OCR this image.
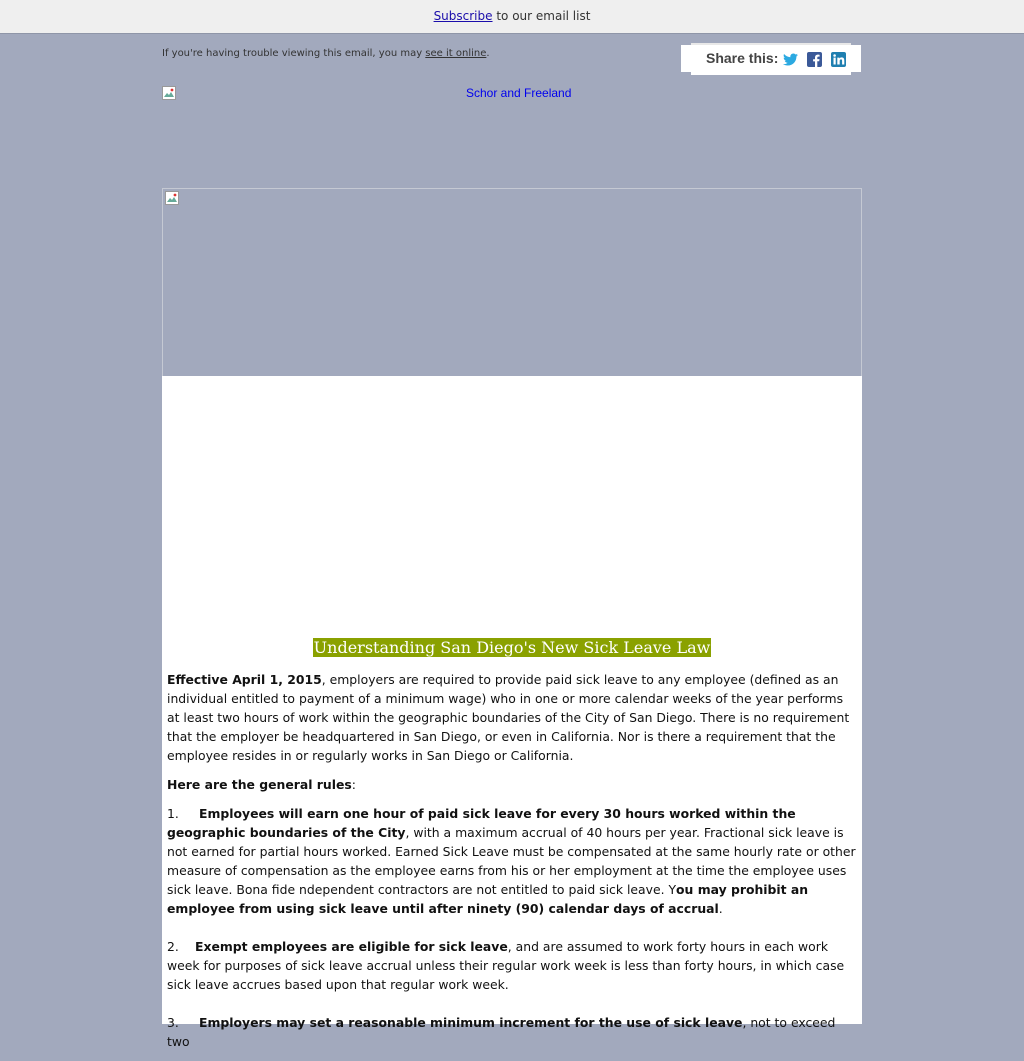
Subscribe to our email list
If you're having trouble viewing this email, you may see it online.	Share this:
Schor and Freeland
Understanding San Diego's New Sick Leave Law

Effective April 1, 2015, employers are required to provide paid sick leave to any employee (defined as an individual entitled to payment of a minimum wage) who in one or more calendar weeks of the year performs at least two hours of work within the geographic boundaries of the City of San Diego. There is no requirement that the employer be headquartered in San Diego, or even in California. Nor is there a requirement that the employee resides in or regularly works in San Diego or California.

Here are the general rules:

1. Employees will earn one hour of paid sick leave for every 30 hours worked within the geographic boundaries of the City, with a maximum accrual of 40 hours per year. Fractional sick leave is not earned for partial hours worked. Earned Sick Leave must be compensated at the same hourly rate or other measure of compensation as the employee earns from his or her employment at the time the employee uses sick leave. Bona fide ndependent contractors are not entitled to paid sick leave. You may prohibit an employee from using sick leave until after ninety (90) calendar days of accrual.

2. Exempt employees are eligible for sick leave, and are assumed to work forty hours in each work week for purposes of sick leave accrual unless their regular work week is less than forty hours, in which case sick leave accrues based upon that regular work week.

3. Employers may set a reasonable minimum increment for the use of sick leave, not to exceed two
